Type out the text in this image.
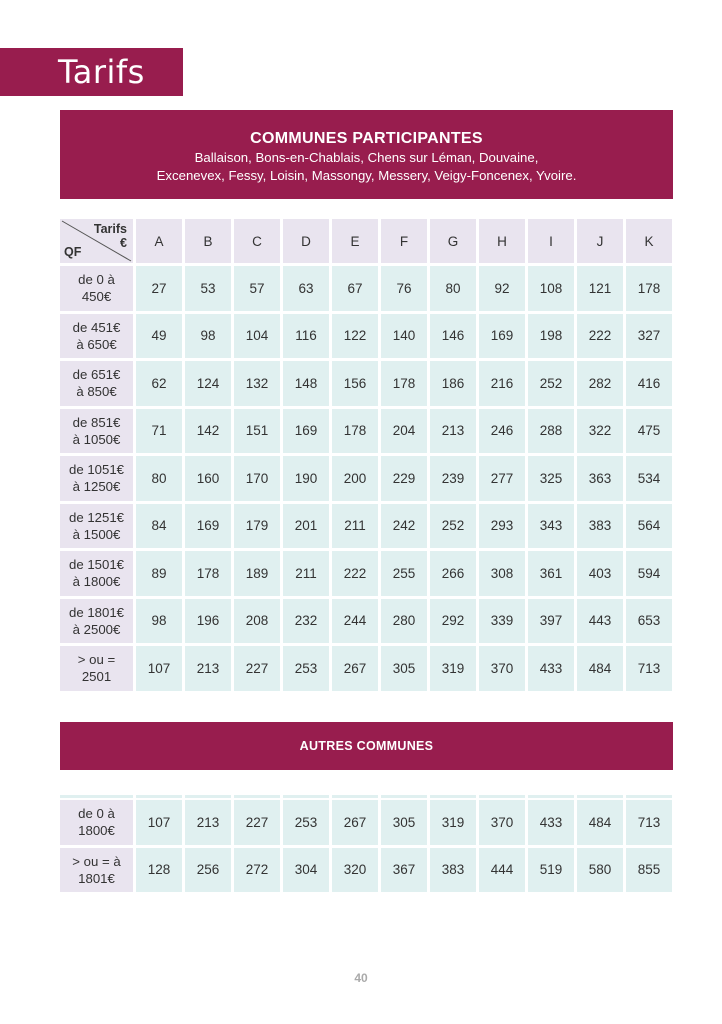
Tarifs
COMMUNES PARTICIPANTES
Ballaison, Bons-en-Chablais, Chens sur Léman, Douvaine,
Excenevex, Fessy, Loisin, Massongy, Messery, Veigy-Foncenex, Yvoire.
Tarifs
€
QF	A	B	C	D	E	F	G	H	I	J	K

de 0 à
450€	27	53	57	63	67	76	80	92	108	121	178

de 451€
à 650€	49	98	104	116	122	140	146	169	198	222	327

de 651€
à 850€	62	124	132	148	156	178	186	216	252	282	416

de 851€
à 1050€	71	142	151	169	178	204	213	246	288	322	475

de 1051€
à 1250€	80	160	170	190	200	229	239	277	325	363	534

de 1251€
à 1500€	84	169	179	201	211	242	252	293	343	383	564

de 1501€
à 1800€	89	178	189	211	222	255	266	308	361	403	594

de 1801€
à 2500€	98	196	208	232	244	280	292	339	397	443	653

> ou =
2501	107	213	227	253	267	305	319	370	433	484	713
AUTRES COMMUNES
de 0 à
1800€	107	213	227	253	267	305	319	370	433	484	713

> ou = à
1801€	128	256	272	304	320	367	383	444	519	580	855
40
